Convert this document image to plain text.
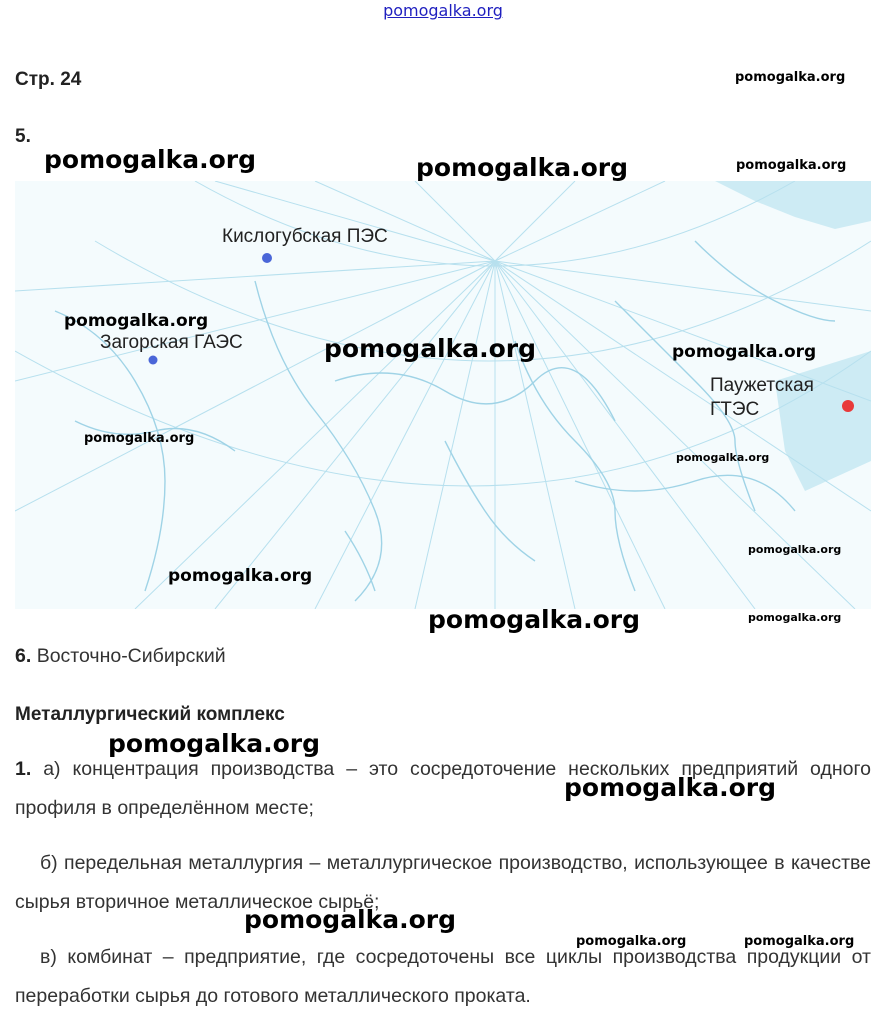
pomogalka.org
Стр. 24
5.
Кислогубская ПЭС
Загорская ГАЭС
Паужетская
ГТЭС
6. Восточно-Сибирский
Металлургический комплекс
1. а) концентрация производства – это сосредоточение нескольких предприятий одного профиля в определённом месте;
б) передельная металлургия – металлургическое производство, использующее в качестве сырья вторичное металлическое сырьё;
в) комбинат – предприятие, где сосредоточены все циклы производства продукции от переработки сырья до готового металлического проката.
pomogalka.org
pomogalka.org	pomogalka.org	pomogalka.org
pomogalka.org
pomogalka.org	pomogalka.org
pomogalka.org
pomogalka.org
pomogalka.org
pomogalka.org
pomogalka.org
pomogalka.org
pomogalka.org
pomogalka.org
pomogalka.org
pomogalka.org	pomogalka.org
